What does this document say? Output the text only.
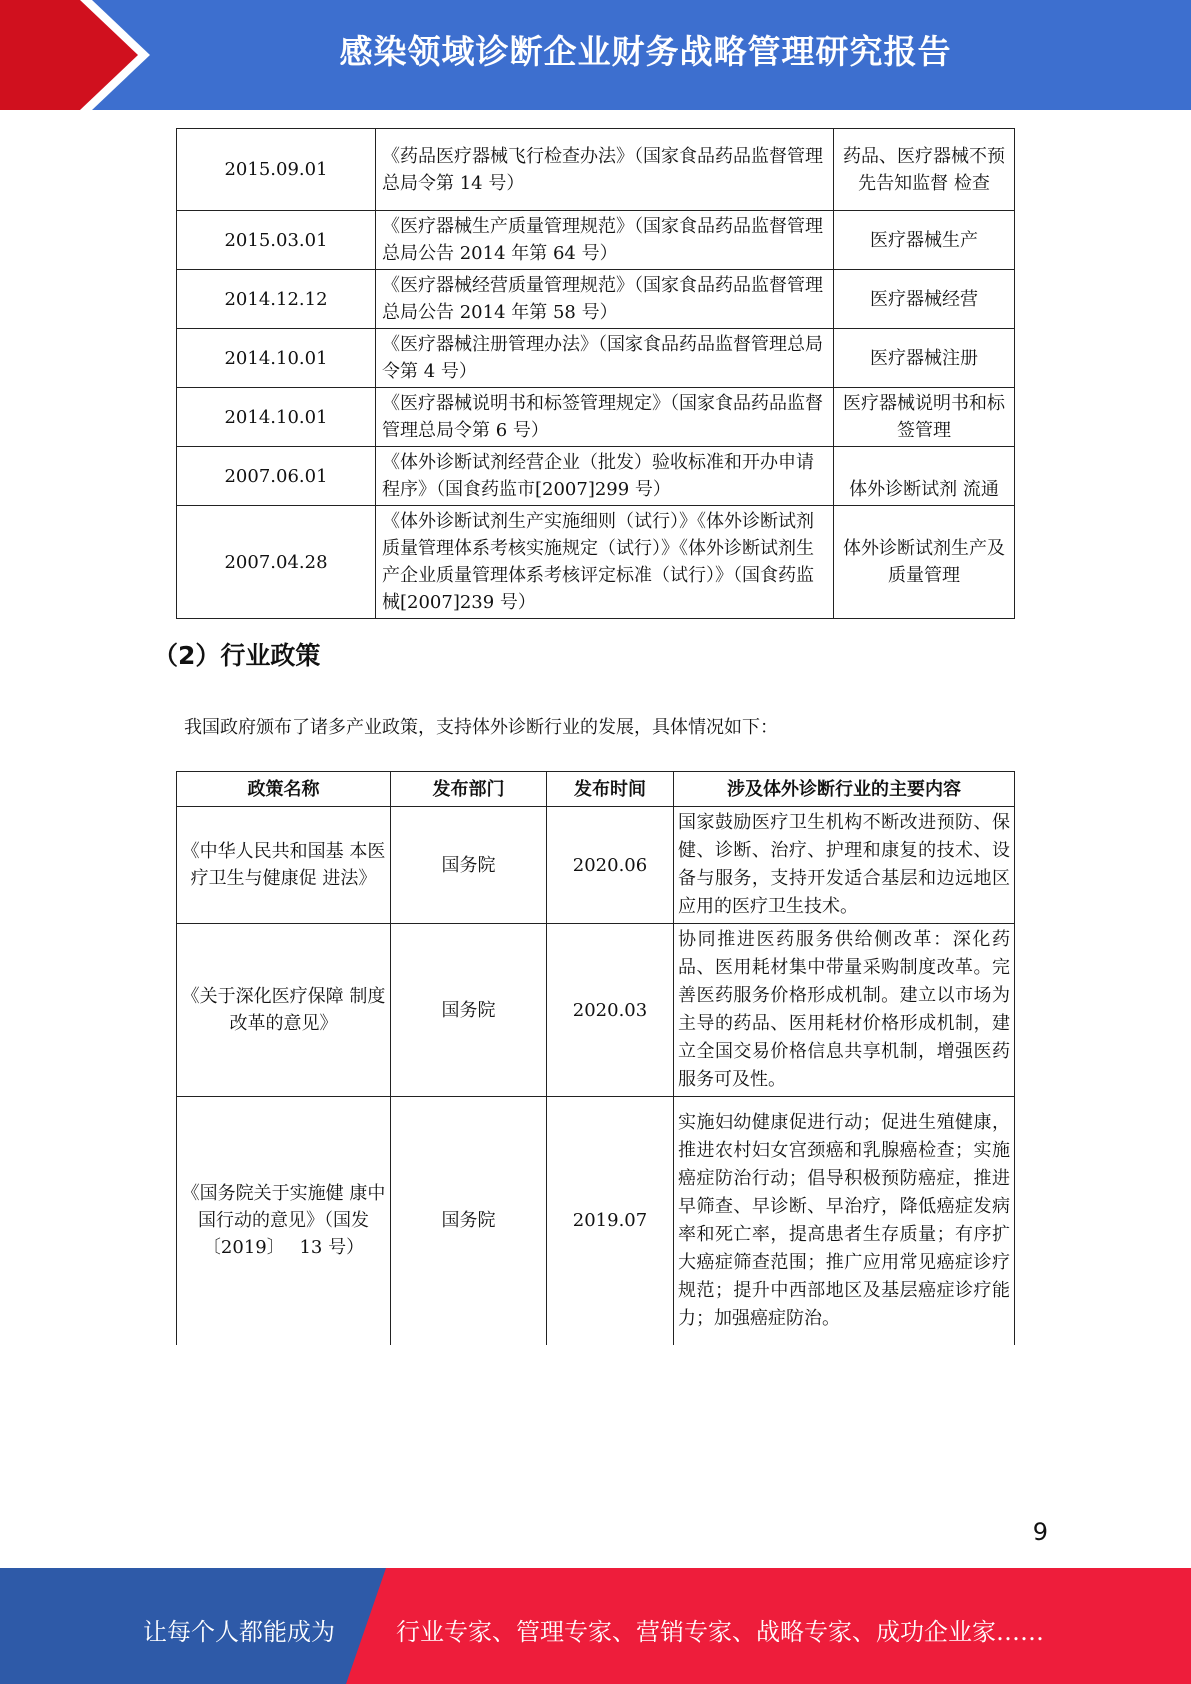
感染领域诊断企业财务战略管理研究报告
2015.09.01	《药品医疗器械飞行检查办法》（国家食品药品监督管理总局令第 14 号）	药品、医疗器械不预先告知监督 检查
2015.03.01	《医疗器械生产质量管理规范》（国家食品药品监督管理总局公告 2014 年第 64 号）	医疗器械生产
2014.12.12	《医疗器械经营质量管理规范》（国家食品药品监督管理总局公告 2014 年第 58 号）	医疗器械经营
2014.10.01	《医疗器械注册管理办法》（国家食品药品监督管理总局令第 4 号）	医疗器械注册
2014.10.01	《医疗器械说明书和标签管理规定》（国家食品药品监督管理总局令第 6 号）	医疗器械说明书和标签管理
2007.06.01	《体外诊断试剂经营企业（批发）验收标准和开办申请程序》（国食药监市[2007]299 号）	体外诊断试剂 流通
2007.04.28	《体外诊断试剂生产实施细则（试行）》《体外诊断试剂质量管理体系考核实施规定（试行）》《体外诊断试剂生产企业质量管理体系考核评定标准（试行）》（国食药监械[2007]239 号）	体外诊断试剂生产及质量管理
（2）行业政策
我国政府颁布了诸多产业政策，支持体外诊断行业的发展，具体情况如下：
政策名称	发布部门	发布时间	涉及体外诊断行业的主要内容
《中华人民共和国基 本医疗卫生与健康促 进法》	国务院	2020.06	国家鼓励医疗卫生机构不断改进预防、保健、诊断、治疗、护理和康复的技术、设备与服务，支持开发适合基层和边远地区应用的医疗卫生技术。
《关于深化医疗保障 制度改革的意见》	国务院	2020.03	协同推进医药服务供给侧改革：深化药品、医用耗材集中带量采购制度改革。完善医药服务价格形成机制。建立以市场为主导的药品、医用耗材价格形成机制，建立全国交易价格信息共享机制，增强医药服务可及性。
《国务院关于实施健 康中国行动的意见》（国发〔2019〕　 13 号）	国务院	2019.07	实施妇幼健康促进行动；促进生殖健康，推进农村妇女宫颈癌和乳腺癌检查；实施癌症防治行动；倡导积极预防癌症，推进早筛查、早诊断、早治疗，降低癌症发病率和死亡率，提高患者生存质量；有序扩大癌症筛查范围；推广应用常见癌症诊疗规范；提升中西部地区及基层癌症诊疗能力；加强癌症防治。
9
让每个人都能成为	行业专家、管理专家、营销专家、战略专家、成功企业家……
